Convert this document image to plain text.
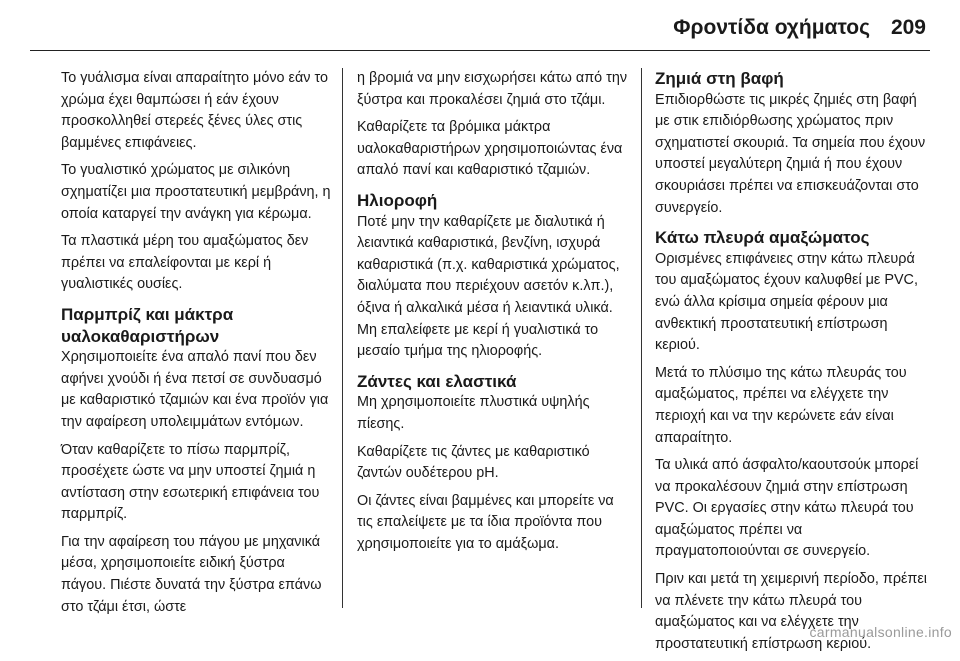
Φροντίδα οχήματος 209

Το γυάλισμα είναι απαραίτητο μόνο εάν το χρώμα έχει θαμπώσει ή εάν έχουν προσκολληθεί στερεές ξένες ύλες στις βαμμένες επιφάνειες.

Το γυαλιστικό χρώματος με σιλικόνη σχηματίζει μια προστατευτική μεμβράνη, η οποία καταργεί την ανάγκη για κέρωμα.

Τα πλαστικά μέρη του αμαξώματος δεν πρέπει να επαλείφονται με κερί ή γυαλιστικές ουσίες.

Παρμπρίζ και μάκτρα υαλοκαθαριστήρων

Χρησιμοποιείτε ένα απαλό πανί που δεν αφήνει χνούδι ή ένα πετσί σε συνδυασμό με καθαριστικό τζαμιών και ένα προϊόν για την αφαίρεση υπολειμμάτων εντόμων.

Όταν καθαρίζετε το πίσω παρμπρίζ, προσέχετε ώστε να μην υποστεί ζημιά η αντίσταση στην εσωτερική επιφάνεια του παρμπρίζ.

Για την αφαίρεση του πάγου με μηχανικά μέσα, χρησιμοποιείτε ειδική ξύστρα πάγου. Πιέστε δυνατά την ξύστρα επάνω στο τζάμι έτσι, ώστε

η βρομιά να μην εισχωρήσει κάτω από την ξύστρα και προκαλέσει ζημιά στο τζάμι.

Καθαρίζετε τα βρόμικα μάκτρα υαλοκαθαριστήρων χρησιμοποιώντας ένα απαλό πανί και καθαριστικό τζαμιών.

Ηλιοροφή

Ποτέ μην την καθαρίζετε με διαλυτικά ή λειαντικά καθαριστικά, βενζίνη, ισχυρά καθαριστικά (π.χ. καθαριστικά χρώματος, διαλύματα που περιέχουν ασετόν κ.λπ.), όξινα ή αλκαλικά μέσα ή λειαντικά υλικά. Μη επαλείφετε με κερί ή γυαλιστικά το μεσαίο τμήμα της ηλιοροφής.

Ζάντες και ελαστικά

Μη χρησιμοποιείτε πλυστικά υψηλής πίεσης.

Καθαρίζετε τις ζάντες με καθαριστικό ζαντών ουδέτερου pH.

Οι ζάντες είναι βαμμένες και μπορείτε να τις επαλείψετε με τα ίδια προϊόντα που χρησιμοποιείτε για το αμάξωμα.

Ζημιά στη βαφή

Επιδιορθώστε τις μικρές ζημιές στη βαφή με στικ επιδιόρθωσης χρώματος πριν σχηματιστεί σκουριά. Τα σημεία που έχουν υποστεί μεγαλύτερη ζημιά ή που έχουν σκουριάσει πρέπει να επισκευάζονται στο συνεργείο.

Κάτω πλευρά αμαξώματος

Ορισμένες επιφάνειες στην κάτω πλευρά του αμαξώματος έχουν καλυφθεί με PVC, ενώ άλλα κρίσιμα σημεία φέρουν μια ανθεκτική προστατευτική επίστρωση κεριού.

Μετά το πλύσιμο της κάτω πλευράς του αμαξώματος, πρέπει να ελέγχετε την περιοχή και να την κερώνετε εάν είναι απαραίτητο.

Τα υλικά από άσφαλτο/καουτσούκ μπορεί να προκαλέσουν ζημιά στην επίστρωση PVC. Οι εργασίες στην κάτω πλευρά του αμαξώματος πρέπει να πραγματοποιούνται σε συνεργείο.

Πριν και μετά τη χειμερινή περίοδο, πρέπει να πλένετε την κάτω πλευρά του αμαξώματος και να ελέγχετε την προστατευτική επίστρωση κεριού.

carmanualsonline.info
